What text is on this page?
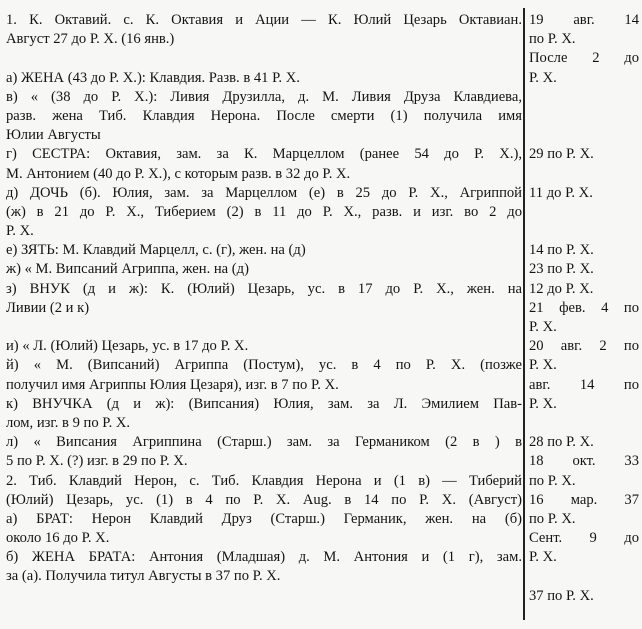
1. К. Октавий. с. К. Октавия и Ации — К. Юлий Цезарь Октавиан.
Август 27 до Р. Х. (16 янв.)

а) ЖЕНА (43 до Р. Х.): Клавдия. Разв. в 41 Р. Х.
в) « (38 до Р. Х.): Ливия Друзилла, д. М. Ливия Друза Клавдиева,
разв. жена Тиб. Клавдия Нерона. После смерти (1) получила имя
Юлии Августы
г) СЕСТРА: Октавия, зам. за К. Марцеллом (ранее 54 до Р. Х.),
М. Антонием (40 до Р. Х.), с которым разв. в 32 до Р. Х.
д) ДОЧЬ (б). Юлия, зам. за Марцеллом (е) в 25 до Р. Х., Агриппой
(ж) в 21 до Р. Х., Тиберием (2) в 11 до Р. Х., разв. и изг. во 2 до
Р. Х.
е) ЗЯТЬ: М. Клавдий Марцелл, с. (г), жен. на (д)
ж) « М. Випсаний Агриппа, жен. на (д)
з) ВНУК (д и ж): К. (Юлий) Цезарь, ус. в 17 до Р. Х., жен. на
Ливии (2 и к)

и) « Л. (Юлий) Цезарь, ус. в 17 до Р. Х.
й) « М. (Випсаний) Агриппа (Постум), ус. в 4 по Р. Х. (позже
получил имя Агриппы Юлия Цезаря), изг. в 7 по Р. Х.
к) ВНУЧКА (д и ж): (Випсания) Юлия, зам. за Л. Эмилием Пав-
лом, изг. в 9 по Р. Х.
л) « Випсания Агриппина (Старш.) зам. за Германиком (2 в ) в
5 по Р. Х. (?) изг. в 29 по Р. Х.
2. Тиб. Клавдий Нерон, с. Тиб. Клавдия Нерона и (1 в) — Тиберий
(Юлий) Цезарь, ус. (1) в 4 по Р. Х. Aug. в 14 по Р. Х. (Август)
а) БРАТ: Нерон Клавдий Друз (Старш.) Германик, жен. на (б)
около 16 до Р. Х.
б) ЖЕНА БРАТА: Антония (Младшая) д. М. Антония и (1 г), зам.
за (а). Получила титул Августы в 37 по Р. Х.
19 авг. 14
по Р. Х.
После 2 до
Р. Х.

29 по Р. Х.

11 до Р. Х.

14 по Р. Х.
23 по Р. Х.
12 до Р. Х.
21 фев. 4 по
Р. Х.
20 авг. 2 по
Р. Х.
авг. 14 по
Р. Х.

28 по Р. Х.
18 окт. 33
по Р. Х.
16 мар. 37
по Р. Х.
Сент. 9 до
Р. Х.

37 по Р. Х.
